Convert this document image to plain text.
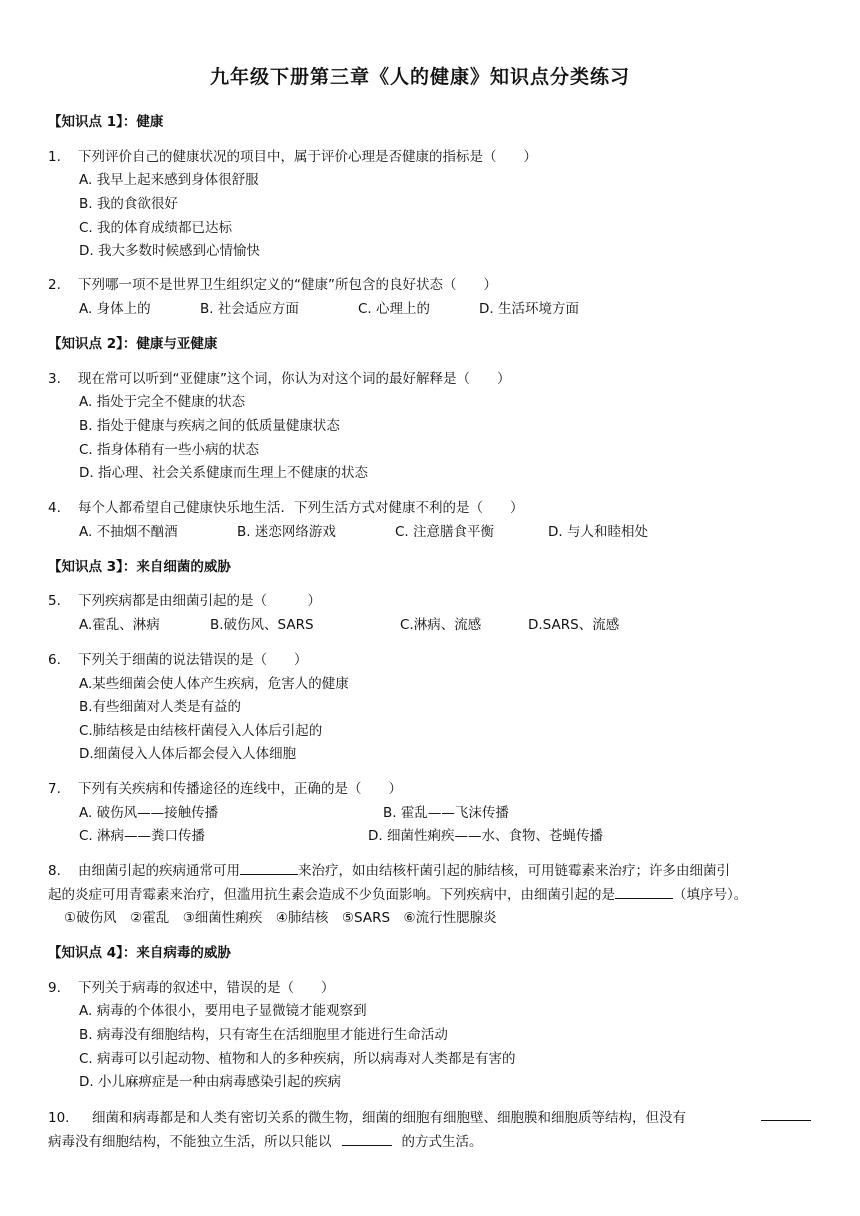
九年级下册第三章《人的健康》知识点分类练习
【知识点 1】：健康
1. 下列评价自己的健康状况的项目中，属于评价心理是否健康的指标是（　　）
A. 我早上起来感到身体很舒服
B. 我的食欲很好
C. 我的体育成绩都已达标
D. 我大多数时候感到心情愉快
2. 下列哪一项不是世界卫生组织定义的“健康”所包含的良好状态（　　）
A. 身体上的	B. 社会适应方面	C. 心理上的	D. 生活环境方面
【知识点 2】：健康与亚健康
3. 现在常可以听到“亚健康”这个词，你认为对这个词的最好解释是（　　）
A. 指处于完全不健康的状态
B. 指处于健康与疾病之间的低质量健康状态
C. 指身体稍有一些小病的状态
D. 指心理、社会关系健康而生理上不健康的状态
4. 每个人都希望自己健康快乐地生活．下列生活方式对健康不利的是（　　）
A. 不抽烟不酗酒	B. 迷恋网络游戏	C. 注意膳食平衡	D. 与人和睦相处
【知识点 3】：来自细菌的威胁
5. 下列疾病都是由细菌引起的是（　　　）
A.霍乱、淋病	B.破伤风、SARS	C.淋病、流感	D.SARS、流感
6. 下列关于细菌的说法错误的是（　　）
A.某些细菌会使人体产生疾病，危害人的健康
B.有些细菌对人类是有益的
C.肺结核是由结核杆菌侵入人体后引起的
D.细菌侵入人体后都会侵入人体细胞
7. 下列有关疾病和传播途径的连线中，正确的是（　　）
A. 破伤风——接触传播	B. 霍乱——飞沫传播
C. 淋病——粪口传播	D. 细菌性痢疾——水、食物、苍蝇传播
8. 由细菌引起的疾病通常可用	来治疗，如由结核杆菌引起的肺结核，可用链霉素来治疗；许多由细菌引
起的炎症可用青霉素来治疗，但滥用抗生素会造成不少负面影响。下列疾病中，由细菌引起的是	（填序号）。
①破伤风　②霍乱　③细菌性痢疾　④肺结核　⑤SARS　⑥流行性腮腺炎
【知识点 4】：来自病毒的威胁
9. 下列关于病毒的叙述中，错误的是（　　）
A. 病毒的个体很小，要用电子显微镜才能观察到
B. 病毒没有细胞结构，只有寄生在活细胞里才能进行生命活动
C. 病毒可以引起动物、植物和人的多种疾病，所以病毒对人类都是有害的
D. 小儿麻痹症是一种由病毒感染引起的疾病
10. 细菌和病毒都是和人类有密切关系的微生物，细菌的细胞有细胞壁、细胞膜和细胞质等结构，但没有
病毒没有细胞结构，不能独立生活，所以只能以	的方式生活。
